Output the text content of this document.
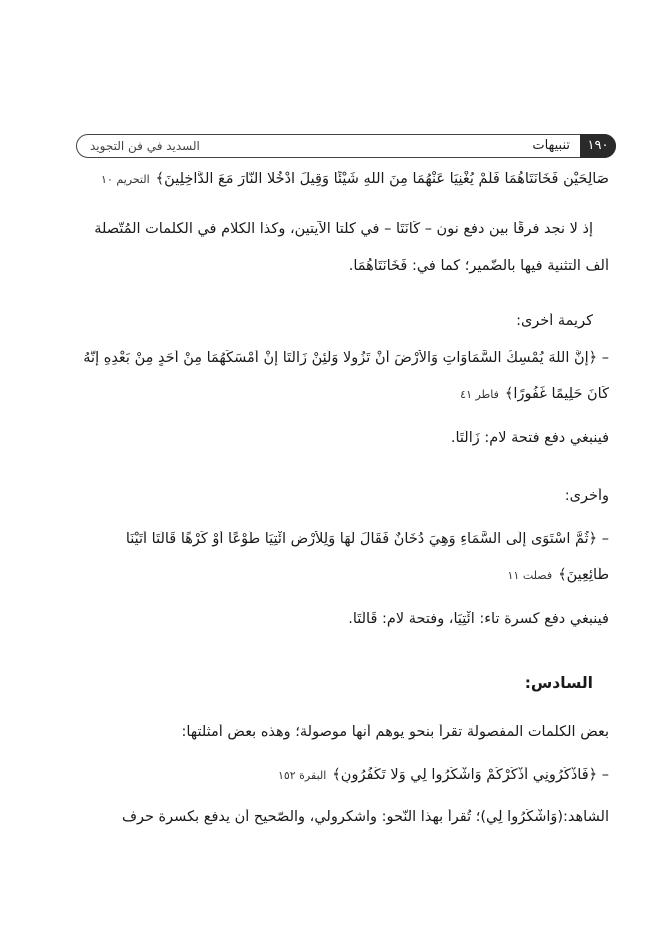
١٩٠
تنبيهات
السديد في فن التجويد
صَالِحَيْنِ فَخَانَتَاهُمَا فَلَمْ يُغْنِيَا عَنْهُمَا مِنَ اللهِ شَيْئًا وَقِيلَ ادْخُلا النَّارَ مَعَ الدَّاخِلِينَ﴾التحريم ١٠
إذ لا نجد فرقًا بين دفع نون – كَانَتَا – في كلتا الآيتين، وكذا الكلام في الكلمات المُتّصلة
ألف التثنية فيها بالضّمير؛ كما في: فَخَانَتَاهُمَا.
كريمة أخرى:
– ﴿إِنَّ اللهَ يُمْسِكُ السَّمَاوَاتِ وَالأَرْضَ أَنْ تَزُولا وَلَئِنْ زَالَتَا إِنْ أَمْسَكَهُمَا مِنْ أَحَدٍ مِنْ بَعْدِهِ إِنَّهُ
كَانَ حَلِيمًا غَفُورًا﴾فاطر ٤١
فينبغي دفع فتحة لام: زَالَتَا.
وأخرى:
– ﴿ثُمَّ اسْتَوَى إِلَى السَّمَاءِ وَهِيَ دُخَانٌ فَقَالَ لَهَا وَلِلأَرْضِ ائْتِيَا طَوْعًا أَوْ كَرْهًا قَالَتَا أَتَيْنَا
طَائِعِينَ﴾فصلت ١١
فينبغي دفع كسرة تاء: ائْتِيَا، وفتحة لام: قَالَتَا.
السادس:
بعض الكلمات المفصولة تقرأ بنحوٍ يوهم أنها موصولة؛ وهذه بعض أمثلتها:
– ﴿فَاذْكُرُونِي أَذْكُرْكُمْ وَاشْكُرُوا لِي وَلا تَكْفُرُونِ﴾البقرة ١٥٢
الشاهد:(وَاشْكُرُوا لِي)؛ تُقرأ بهذا النّحو: واشكرولي، والصّحيح أن يدفع بكسرة حرف
